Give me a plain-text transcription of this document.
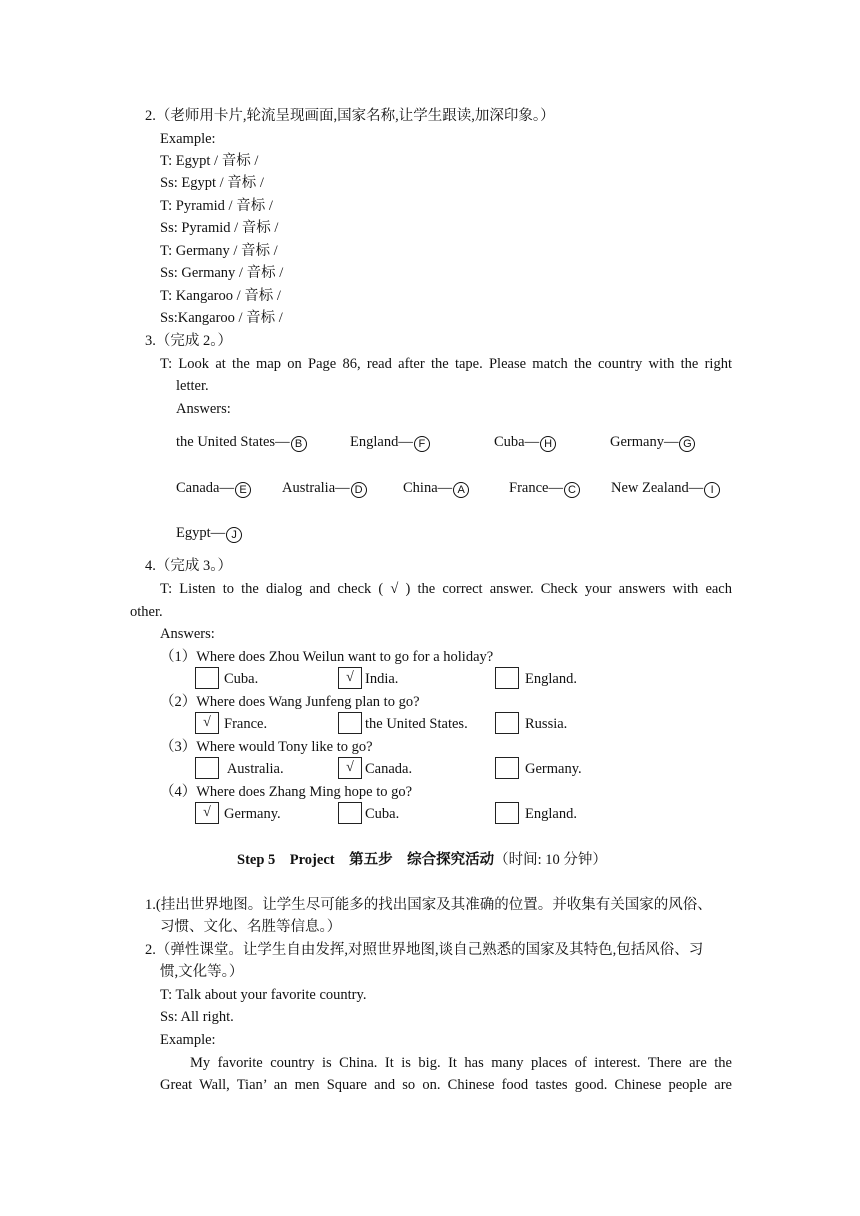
2.（老师用卡片,轮流呈现画面,国家名称,让学生跟读,加深印象。）
Example:
T: Egypt / 音标 /
Ss: Egypt / 音标 /
T: Pyramid / 音标 /
Ss: Pyramid / 音标 /
T: Germany / 音标 /
Ss: Germany / 音标 /
T: Kangaroo / 音标 /
Ss:Kangaroo / 音标 /
3.（完成 2。）
T: Look at the map on Page 86, read after the tape. Please match the country with the right
letter.
Answers:
the United States— B	England— F	Cuba— H	Germany— G
Canada— E Australia— D	China— A	France— C New Zealand— I
Egypt— J
4.（完成 3。）
T: Listen to the dialog and check ( √ ) the correct answer. Check your answers with each
other.
Answers:
（1）Where does Zhou Weilun want to go for a holiday?
Cuba.	√ India.	England.
（2）Where does Wang Junfeng plan to go?
√ France.	the United States.	Russia.
（3）Where would Tony like to go?
Australia.	√ Canada.	Germany.
（4）Where does Zhang Ming hope to go?
√ Germany.	Cuba.	England.
Step 5    Project    第五步    综合探究活动（时间: 10 分钟）
1.(挂出世界地图。让学生尽可能多的找出国家及其准确的位置。并收集有关国家的风俗、
习惯、文化、名胜等信息。）
2.（弹性课堂。让学生自由发挥,对照世界地图,谈自己熟悉的国家及其特色,包括风俗、习
惯,文化等。）
T: Talk about your favorite country.
Ss: All right.
Example:
My favorite country is China. It is big. It has many places of interest. There are the
Great Wall, Tian’ an men Square and so on. Chinese food tastes good. Chinese people are
